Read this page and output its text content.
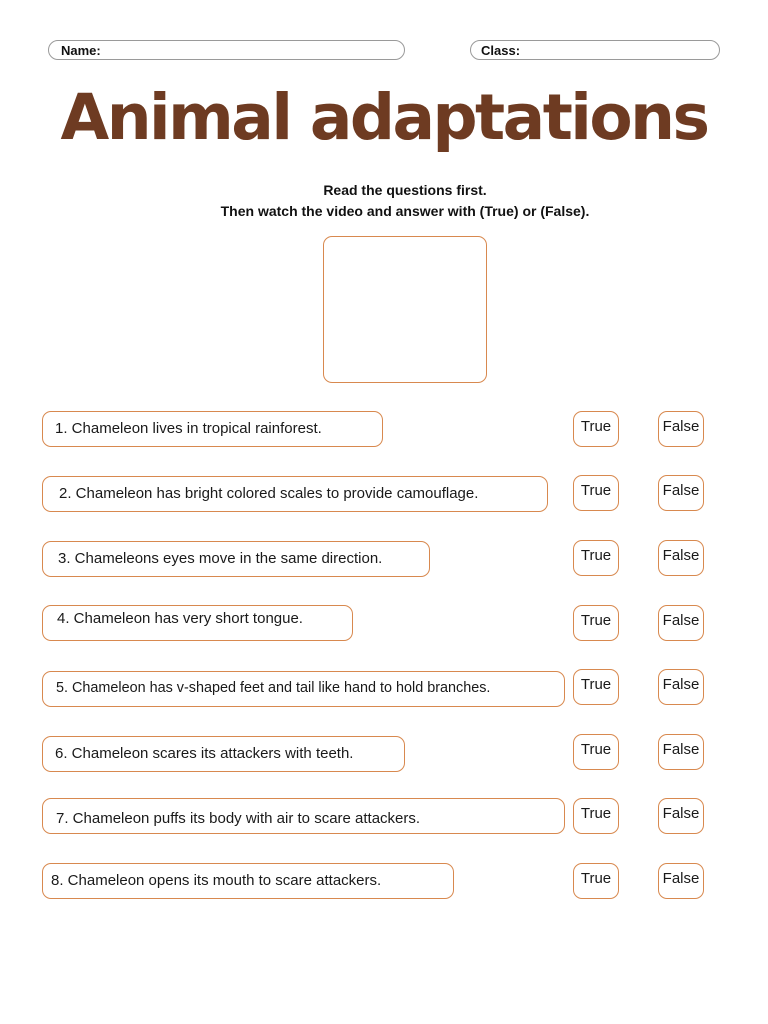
Name:	Class:
Animal adaptations
Read the questions first.
Then watch the video and answer with (True) or (False).
1. Chameleon lives in tropical rainforest.	True	False
2. Chameleon has bright colored scales to provide camouflage.	True	False
3. Chameleons eyes move in the same direction.	True	False
4. Chameleon has very short tongue.	True	False
5. Chameleon has v-shaped feet and tail like hand to hold branches.	True	False
6. Chameleon scares its attackers with teeth.	True	False
7. Chameleon puffs its body with air to scare attackers.	True	False
8. Chameleon opens its mouth to scare attackers.	True	False
